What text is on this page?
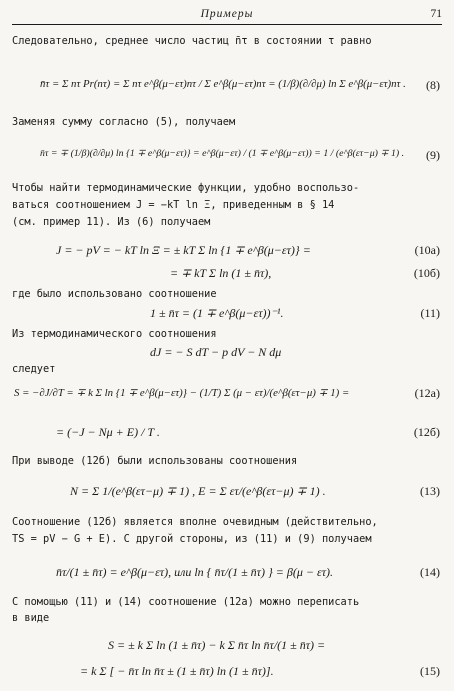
Примеры	71
Следовательно, среднее число частиц n̄τ в состоянии τ равно
n̄τ = Σ nτ Pr(nτ) = Σ nτ e^β(μ−ετ)nτ / Σ e^β(μ−ετ)nτ = (1/β)(∂/∂μ) ln Σ e^β(μ−ετ)nτ . (8)
Заменяя сумму согласно (5), получаем
n̄τ = ∓ (1/β)(∂/∂μ) ln {1 ∓ e^β(μ−ετ)} = e^β(μ−ετ) / (1 ∓ e^β(μ−ετ)) = 1 / (e^β(ετ−μ) ∓ 1) . (9)
Чтобы найти термодинамические функции, удобно воспользо-
ваться соотношением J = −kT ln Ξ, приведенным в § 14
(см. пример 11). Из (6) получаем
J = − pV = − kT ln Ξ = ± kT Σ ln {1 ∓ e^β(μ−ετ)} =	(10а)
= ∓ kT Σ ln (1 ± n̄τ),	(10б)
где было использовано соотношение
1 ± n̄τ = (1 ∓ e^β(μ−ετ))⁻¹.	(11)
Из термодинамического соотношения
dJ = − S dT − p dV − N dμ
следует
S = −∂J/∂T = ∓ k Σ ln {1 ∓ e^β(μ−ετ)} − (1/T) Σ (μ − ετ)/(e^β(ετ−μ) ∓ 1) =	(12а)
= (−J − Nμ + E) / T .	(12б)
При выводе (12б) были использованы соотношения
N = Σ 1/(e^β(ετ−μ) ∓ 1) , E = Σ ετ/(e^β(ετ−μ) ∓ 1) .	(13)
Соотношение (12б) является вполне очевидным (действительно,
TS = pV − G + E). С другой стороны, из (11) и (9) получаем
n̄τ/(1 ± n̄τ) = e^β(μ−ετ), или ln { n̄τ/(1 ± n̄τ) } = β(μ − ετ).	(14)
С помощью (11) и (14) соотношение (12а) можно переписать
в виде
S = ± k Σ ln (1 ± n̄τ) − k Σ n̄τ ln n̄τ/(1 ± n̄τ) =
= k Σ [ − n̄τ ln n̄τ ± (1 ± n̄τ) ln (1 ± n̄τ)].	(15)
